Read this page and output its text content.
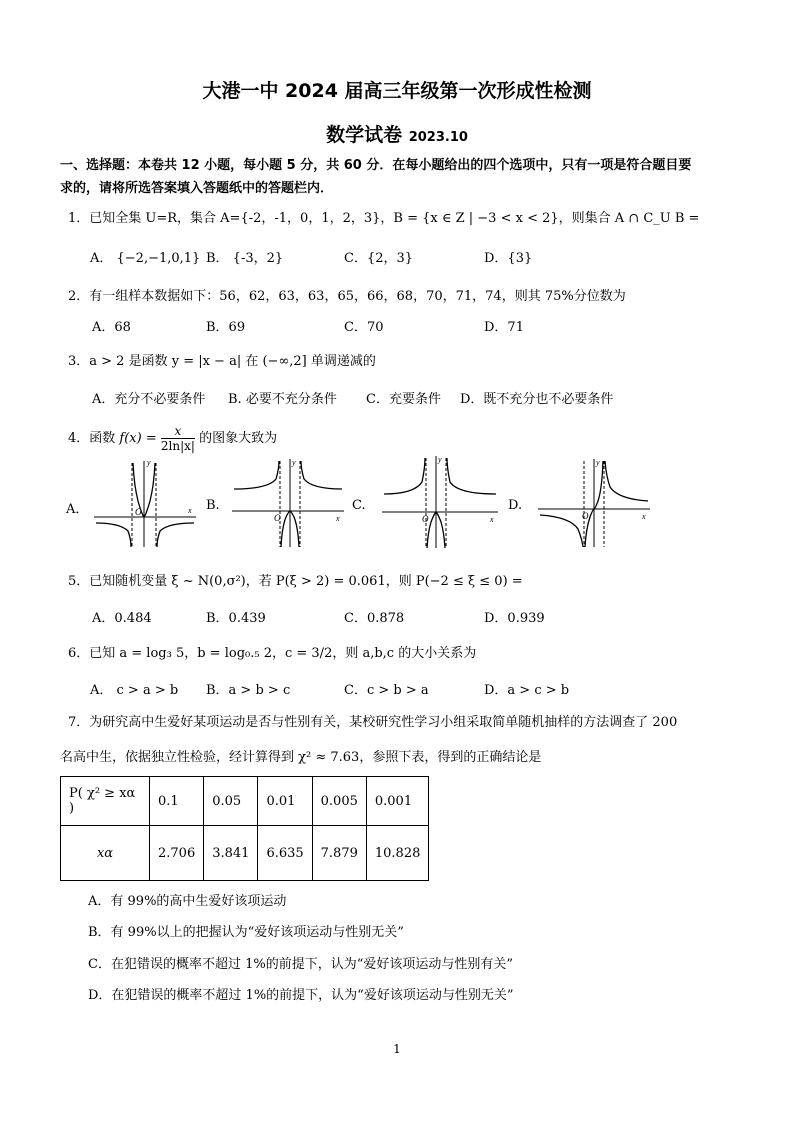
大港一中 2024 届高三年级第一次形成性检测
数学试卷 2023.10
一、选择题：本卷共 12 小题，每小题 5 分，共 60 分．在每小题给出的四个选项中，只有一项是符合题目要
求的，请将所选答案填入答题纸中的答题栏内．
1．已知全集 U=R，集合 A={-2，-1，0，1，2，3}，B = {x ∈ Z | −3 < x < 2}，则集合 A ∩ C_U B =
A． {−2,−1,0,1} B． {-3，2}	C．{2，3}	D．{3}
2．有一组样本数据如下：56，62，63，63，65，66，68，70，71，74，则其 75%分位数为
A．68	B．69	C．70	D．71
3．a > 2 是函数 y = |x − a| 在 (−∞,2] 单调递减的
A．充分不必要条件 B. 必要不充分条件 C．充要条件 D．既不充分也不必要条件
4．函数 $f(x) = \frac{x}{2\ln|x|}$ 的图象大致为
A．	B.	C.	D.
x
y
O
x
y
O	x
y
O	x
y
O
5．已知随机变量 ξ ~ N(0,σ²)，若 P(ξ > 2) = 0.061，则 P(−2 ≤ ξ ≤ 0) =
A．0.484	B．0.439	C．0.878	D．0.939
6．已知 a = log₃ 5，b = log₀.₅ 2，c = 3/2，则 a,b,c 的大小关系为
A． c > a > b B．a > b > c	C．c > b > a	D．a > c > b
7．为研究高中生爱好某项运动是否与性别有关，某校研究性学习小组采取简单随机抽样的方法调查了 200
名高中生，依据独立性检验，经计算得到 χ² ≈ 7.63，参照下表，得到的正确结论是
P( χ² ≥ xα )	0.1	0.05	0.01	0.005	0.001
xα	2.706	3.841	6.635	7.879	10.828
A．有 99%的高中生爱好该项运动
B．有 99%以上的把握认为“爱好该项运动与性别无关”
C．在犯错误的概率不超过 1%的前提下，认为“爱好该项运动与性别有关”
D．在犯错误的概率不超过 1%的前提下，认为“爱好该项运动与性别无关”
1
